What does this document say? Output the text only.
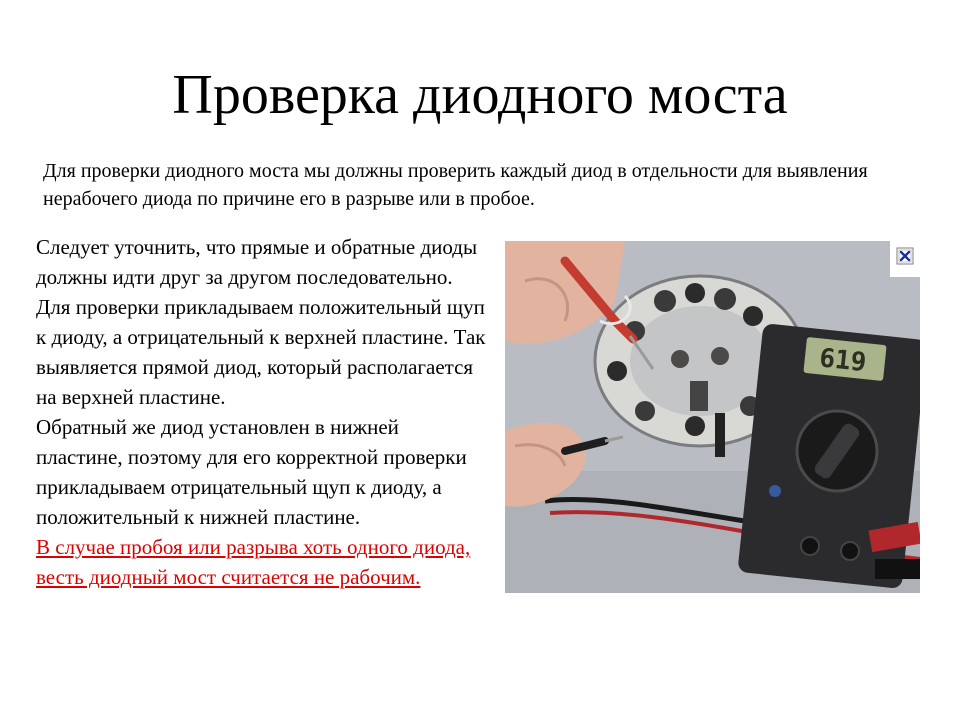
Проверка диодного моста

Для проверки диодного моста мы должны проверить каждый диод в отдельности для выявления нерабочего диода по причине его в разрыве или в пробое.

Следует уточнить, что прямые и обратные диоды должны идти друг за другом последовательно. Для проверки прикладываем положительный щуп к диоду, а отрицательный к верхней пластине. Так выявляется прямой диод, который располагается на верхней пластине.

Обратный же диод установлен в нижней пластине, поэтому для его корректной проверки прикладываем отрицательный щуп к диоду, а положительный к нижней пластине.

В случае пробоя или разрыва хоть одного диода, весть диодный мост считается не рабочим.

619
